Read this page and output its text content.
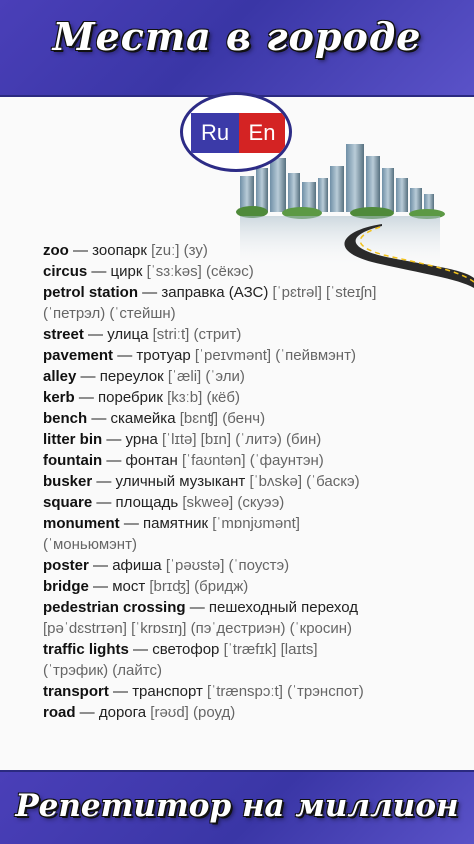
Места в городе
Ru En
zoo — зоопарк [zuː] (зу)
circus — цирк [ˈsɜːkəs] (сёкэс)
petrol station — заправка (АЗС) [ˈpɛtrəl] [ˈsteɪʃn]
(ˈпетрэл) (ˈстейшн)
street — улица [striːt] (стрит)
pavement — тротуар [ˈpeɪvmənt] (ˈпейвмэнт)
alley — переулок [ˈæli] (ˈэли)
kerb — поребрик [kɜːb] (кёб)
bench — скамейка [bɛnʧ] (бенч)
litter bin — урна [ˈlɪtə] [bɪn] (ˈлитэ) (бин)
fountain — фонтан [ˈfaʊntən] (ˈфаунтэн)
busker — уличный музыкант [ˈbʌskə] (ˈбаскэ)
square — площадь [skweə] (скуээ)
monument — памятник [ˈmɒnjʊmənt]
(ˈмоньюмэнт)
poster — афиша [ˈpəʊstə] (ˈпоустэ)
bridge — мост [brɪʤ] (бридж)
pedestrian crossing — пешеходный переход
[pəˈdɛstrɪən] [ˈkrɒsɪŋ] (пэˈдестриэн) (ˈкросин)
traffic lights — светофор [ˈtræfɪk] [laɪts]
(ˈтрэфик) (лайтс)
transport — транспорт [ˈtrænspɔːt] (ˈтрэнспот)
road — дорога [rəʊd] (роуд)
Репетитор на миллион
